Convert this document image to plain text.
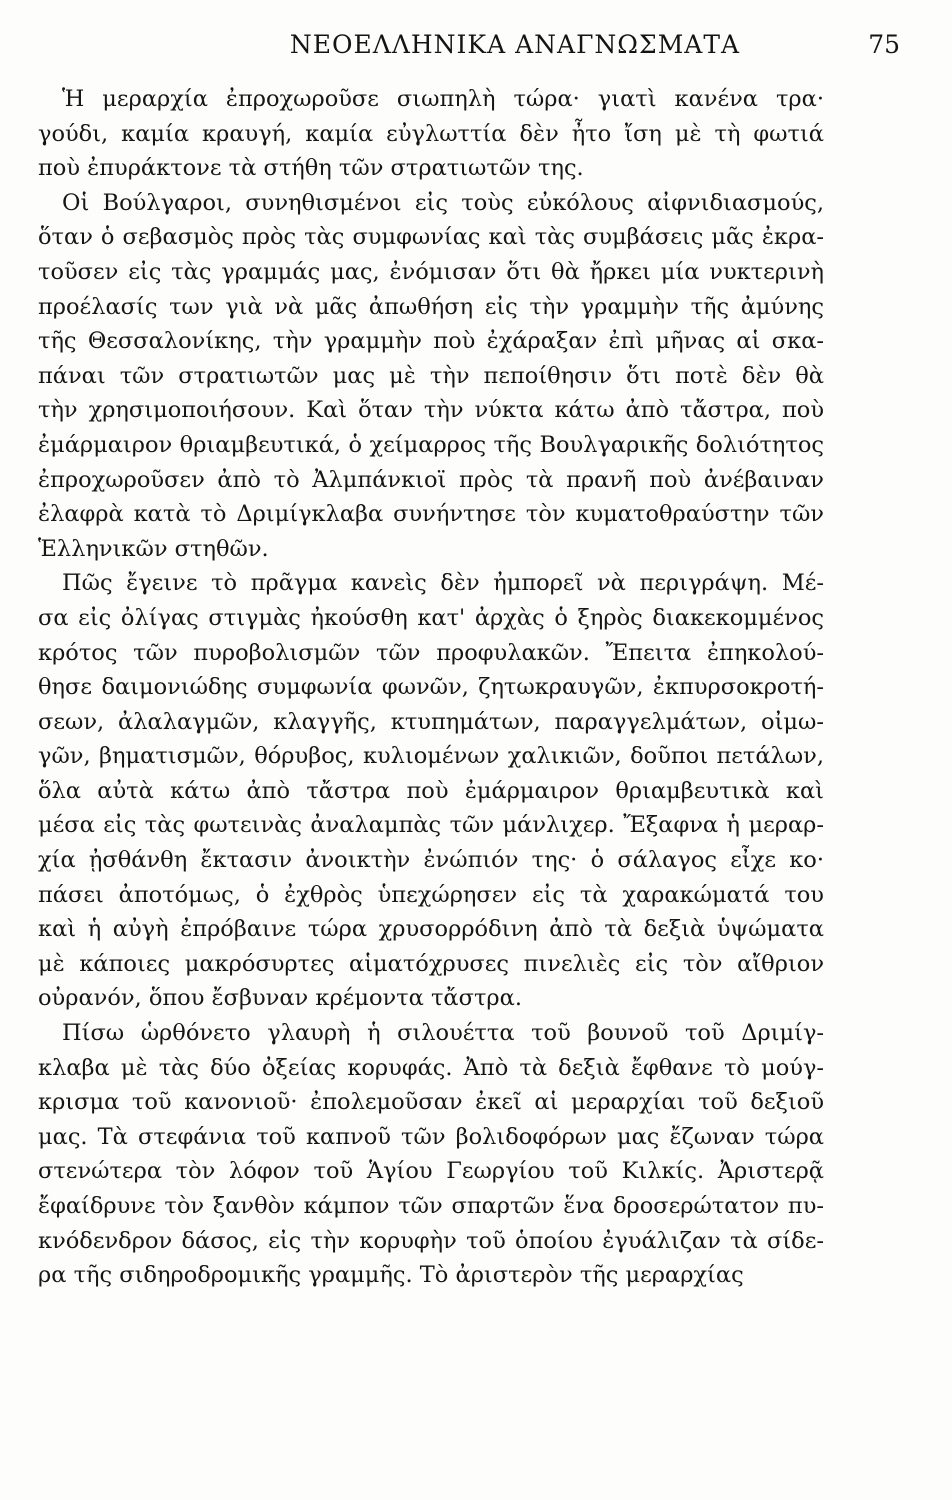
ΝΕΟΕΛΛΗΝΙΚΑ ΑΝΑΓΝΩΣΜΑΤΑ	75
Ἡ μεραρχία ἐπροχωροῦσε σιωπηλὴ τώρα· γιατὶ κανένα τρα·
γούδι, καμία κραυγή, καμία εὐγλωττία δὲν ἦτο ἴση μὲ τὴ φωτιά
ποὺ ἐπυράκτονε τὰ στήθη τῶν στρατιωτῶν της.
Οἱ Βούλγαροι, συνηθισμένοι εἰς τοὺς εὐκόλους αἰφνιδιασμούς,
ὅταν ὁ σεβασμὸς πρὸς τὰς συμφωνίας καὶ τὰς συμβάσεις μᾶς ἐκρα-
τοῦσεν εἰς τὰς γραμμάς μας, ἐνόμισαν ὅτι θὰ ἤρκει μία νυκτερινὴ
προέλασίς των γιὰ νὰ μᾶς ἀπωθήση εἰς τὴν γραμμὴν τῆς ἀμύνης
τῆς Θεσσαλονίκης, τὴν γραμμὴν ποὺ ἐχάραξαν ἐπὶ μῆνας αἱ σκα-
πάναι τῶν στρατιωτῶν μας μὲ τὴν πεποίθησιν ὅτι ποτὲ δὲν θὰ
τὴν χρησιμοποιήσουν. Καὶ ὅταν τὴν νύκτα κάτω ἀπὸ τἄστρα, ποὺ
ἐμάρμαιρον θριαμβευτικά, ὁ χείμαρρος τῆς Βουλγαρικῆς δολιότητος
ἐπροχωροῦσεν ἀπὸ τὸ Ἀλμπάνκιοϊ πρὸς τὰ πρανῆ ποὺ ἀνέβαιναν
ἐλαφρὰ κατὰ τὸ Δριμίγκλαβα συνήντησε τὸν κυματοθραύστην τῶν
Ἑλληνικῶν στηθῶν.
Πῶς ἔγεινε τὸ πρᾶγμα κανεὶς δὲν ἠμπορεῖ νὰ περιγράψη. Μέ-
σα εἰς ὀλίγας στιγμὰς ἠκούσθη κατ' ἀρχὰς ὁ ξηρὸς διακεκομμένος
κρότος τῶν πυροβολισμῶν τῶν προφυλακῶν. Ἔπειτα ἐπηκολού-
θησε δαιμονιώδης συμφωνία φωνῶν, ζητωκραυγῶν, ἐκπυρσοκροτή-
σεων, ἀλαλαγμῶν, κλαγγῆς, κτυπημάτων, παραγγελμάτων, οἰμω-
γῶν, βηματισμῶν, θόρυβος, κυλιομένων χαλικιῶν, δοῦποι πετάλων,
ὅλα αὐτὰ κάτω ἀπὸ τἄστρα ποὺ ἐμάρμαιρον θριαμβευτικὰ καὶ
μέσα εἰς τὰς φωτεινὰς ἀναλαμπὰς τῶν μάνλιχερ. Ἔξαφνα ἡ μεραρ-
χία ᾐσθάνθη ἔκτασιν ἀνοικτὴν ἐνώπιόν της· ὁ σάλαγος εἶχε κο·
πάσει ἀποτόμως, ὁ ἐχθρὸς ὑπεχώρησεν εἰς τὰ χαρακώματά του
καὶ ἡ αὐγὴ ἐπρόβαινε τώρα χρυσορρόδινη ἀπὸ τὰ δεξιὰ ὑψώματα
μὲ κάποιες μακρόσυρτες αἱματόχρυσες πινελιὲς εἰς τὸν αἴθριον
οὐρανόν, ὅπου ἔσβυναν κρέμοντα τἄστρα.
Πίσω ὡρθόνετο γλαυρὴ ἡ σιλουέττα τοῦ βουνοῦ τοῦ Δριμίγ-
κλαβα μὲ τὰς δύο ὀξείας κορυφάς. Ἀπὸ τὰ δεξιὰ ἔφθανε τὸ μούγ-
κρισμα τοῦ κανονιοῦ· ἐπολεμοῦσαν ἐκεῖ αἱ μεραρχίαι τοῦ δεξιοῦ
μας. Τὰ στεφάνια τοῦ καπνοῦ τῶν βολιδοφόρων μας ἔζωναν τώρα
στενώτερα τὸν λόφον τοῦ Ἁγίου Γεωργίου τοῦ Κιλκίς. Ἀριστερᾷ
ἔφαίδρυνε τὸν ξανθὸν κάμπον τῶν σπαρτῶν ἕνα δροσερώτατον πυ-
κνόδενδρον δάσος, εἰς τὴν κορυφὴν τοῦ ὁποίου ἐγυάλιζαν τὰ σίδε-
ρα τῆς σιδηροδρομικῆς γραμμῆς. Τὸ ἀριστερὸν τῆς μεραρχίας
